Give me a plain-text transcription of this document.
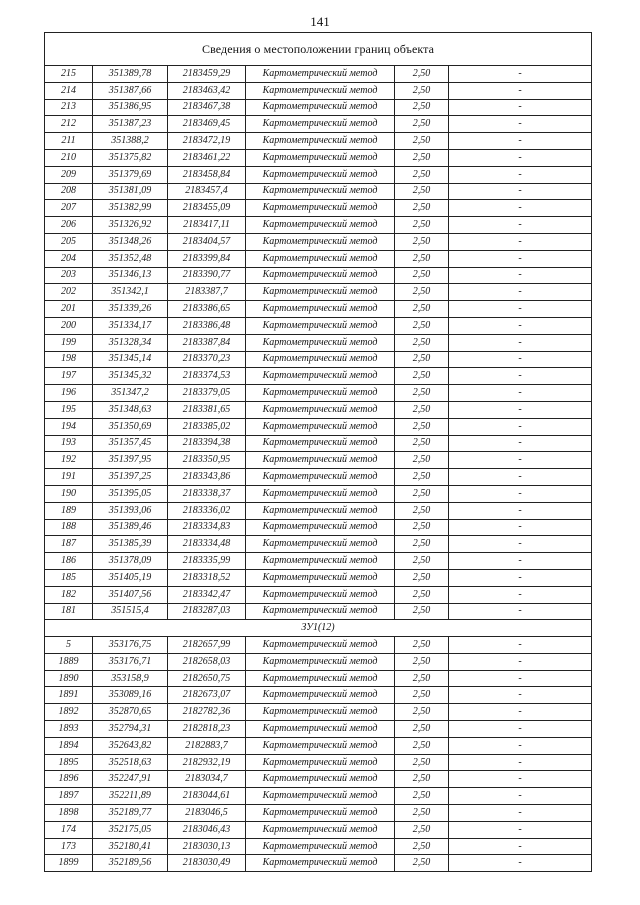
141
Сведения о местоположении границ объекта					
215	351389,78	2183459,29	Картометрический метод	2,50	-
214	351387,66	2183463,42	Картометрический метод	2,50	-
213	351386,95	2183467,38	Картометрический метод	2,50	-
212	351387,23	2183469,45	Картометрический метод	2,50	-
211	351388,2	2183472,19	Картометрический метод	2,50	-
210	351375,82	2183461,22	Картометрический метод	2,50	-
209	351379,69	2183458,84	Картометрический метод	2,50	-
208	351381,09	2183457,4	Картометрический метод	2,50	-
207	351382,99	2183455,09	Картометрический метод	2,50	-
206	351326,92	2183417,11	Картометрический метод	2,50	-
205	351348,26	2183404,57	Картометрический метод	2,50	-
204	351352,48	2183399,84	Картометрический метод	2,50	-
203	351346,13	2183390,77	Картометрический метод	2,50	-
202	351342,1	2183387,7	Картометрический метод	2,50	-
201	351339,26	2183386,65	Картометрический метод	2,50	-
200	351334,17	2183386,48	Картометрический метод	2,50	-
199	351328,34	2183387,84	Картометрический метод	2,50	-
198	351345,14	2183370,23	Картометрический метод	2,50	-
197	351345,32	2183374,53	Картометрический метод	2,50	-
196	351347,2	2183379,05	Картометрический метод	2,50	-
195	351348,63	2183381,65	Картометрический метод	2,50	-
194	351350,69	2183385,02	Картометрический метод	2,50	-
193	351357,45	2183394,38	Картометрический метод	2,50	-
192	351397,95	2183350,95	Картометрический метод	2,50	-
191	351397,25	2183343,86	Картометрический метод	2,50	-
190	351395,05	2183338,37	Картометрический метод	2,50	-
189	351393,06	2183336,02	Картометрический метод	2,50	-
188	351389,46	2183334,83	Картометрический метод	2,50	-
187	351385,39	2183334,48	Картометрический метод	2,50	-
186	351378,09	2183335,99	Картометрический метод	2,50	-
185	351405,19	2183318,52	Картометрический метод	2,50	-
182	351407,56	2183342,47	Картометрический метод	2,50	-
181	351515,4	2183287,03	Картометрический метод	2,50	-
ЗУ1(12)					
5	353176,75	2182657,99	Картометрический метод	2,50	-
1889	353176,71	2182658,03	Картометрический метод	2,50	-
1890	353158,9	2182650,75	Картометрический метод	2,50	-
1891	353089,16	2182673,07	Картометрический метод	2,50	-
1892	352870,65	2182782,36	Картометрический метод	2,50	-
1893	352794,31	2182818,23	Картометрический метод	2,50	-
1894	352643,82	2182883,7	Картометрический метод	2,50	-
1895	352518,63	2182932,19	Картометрический метод	2,50	-
1896	352247,91	2183034,7	Картометрический метод	2,50	-
1897	352211,89	2183044,61	Картометрический метод	2,50	-
1898	352189,77	2183046,5	Картометрический метод	2,50	-
174	352175,05	2183046,43	Картометрический метод	2,50	-
173	352180,41	2183030,13	Картометрический метод	2,50	-
1899	352189,56	2183030,49	Картометрический метод	2,50	-
